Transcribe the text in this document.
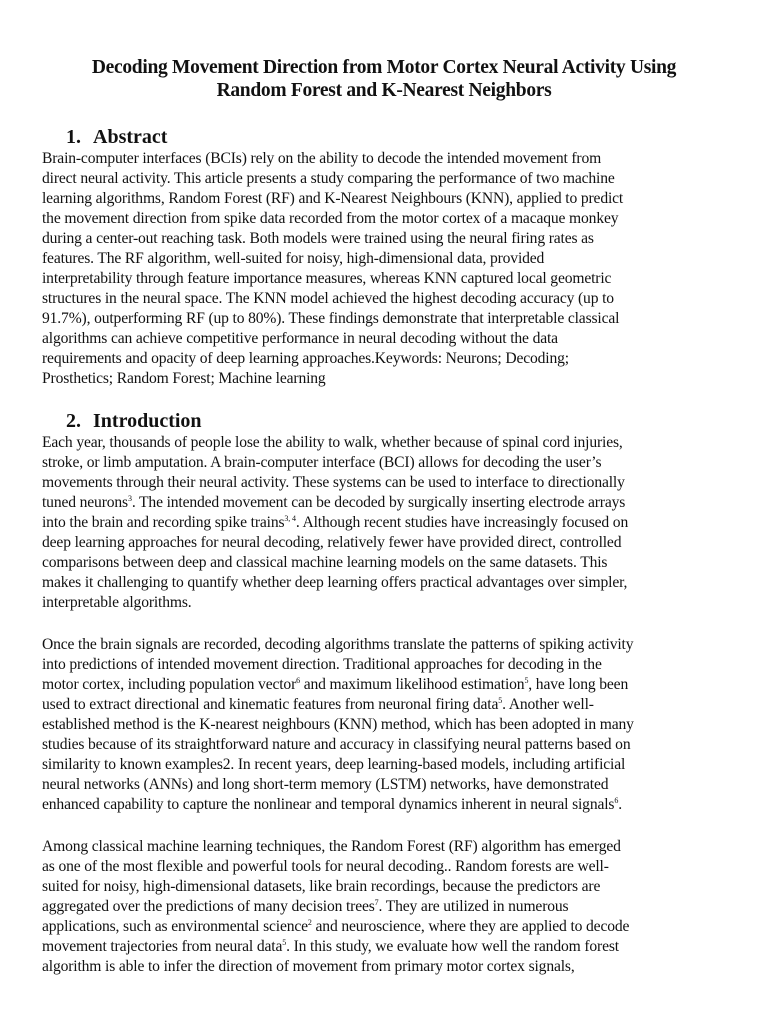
Decoding Movement Direction from Motor Cortex Neural Activity Using
Random Forest and K-Nearest Neighbors
1. Abstract
Brain-computer interfaces (BCIs) rely on the ability to decode the intended movement from
direct neural activity. This article presents a study comparing the performance of two machine
learning algorithms, Random Forest (RF) and K-Nearest Neighbours (KNN), applied to predict
the movement direction from spike data recorded from the motor cortex of a macaque monkey
during a center-out reaching task. Both models were trained using the neural firing rates as
features. The RF algorithm, well-suited for noisy, high-dimensional data, provided
interpretability through feature importance measures, whereas KNN captured local geometric
structures in the neural space. The KNN model achieved the highest decoding accuracy (up to
91.7%), outperforming RF (up to 80%). These findings demonstrate that interpretable classical
algorithms can achieve competitive performance in neural decoding without the data
requirements and opacity of deep learning approaches.Keywords: Neurons; Decoding;
Prosthetics; Random Forest; Machine learning
2. Introduction
Each year, thousands of people lose the ability to walk, whether because of spinal cord injuries,
stroke, or limb amputation. A brain-computer interface (BCI) allows for decoding the user’s
movements through their neural activity. These systems can be used to interface to directionally
tuned neurons$^3$. The intended movement can be decoded by surgically inserting electrode arrays
into the brain and recording spike trains$^{3, 4}$. Although recent studies have increasingly focused on
deep learning approaches for neural decoding, relatively fewer have provided direct, controlled
comparisons between deep and classical machine learning models on the same datasets. This
makes it challenging to quantify whether deep learning offers practical advantages over simpler,
interpretable algorithms.
Once the brain signals are recorded, decoding algorithms translate the patterns of spiking activity
into predictions of intended movement direction. Traditional approaches for decoding in the
motor cortex, including population vector$^6$ and maximum likelihood estimation$^5$, have long been
used to extract directional and kinematic features from neuronal firing data$^5$. Another well-
established method is the K-nearest neighbours (KNN) method, which has been adopted in many
studies because of its straightforward nature and accuracy in classifying neural patterns based on
similarity to known examples2. In recent years, deep learning-based models, including artificial
neural networks (ANNs) and long short-term memory (LSTM) networks, have demonstrated
enhanced capability to capture the nonlinear and temporal dynamics inherent in neural signals$^6$.
Among classical machine learning techniques, the Random Forest (RF) algorithm has emerged
as one of the most flexible and powerful tools for neural decoding.. Random forests are well-
suited for noisy, high-dimensional datasets, like brain recordings, because the predictors are
aggregated over the predictions of many decision trees$^7$. They are utilized in numerous
applications, such as environmental science$^2$ and neuroscience, where they are applied to decode
movement trajectories from neural data$^5$. In this study, we evaluate how well the random forest
algorithm is able to infer the direction of movement from primary motor cortex signals,
